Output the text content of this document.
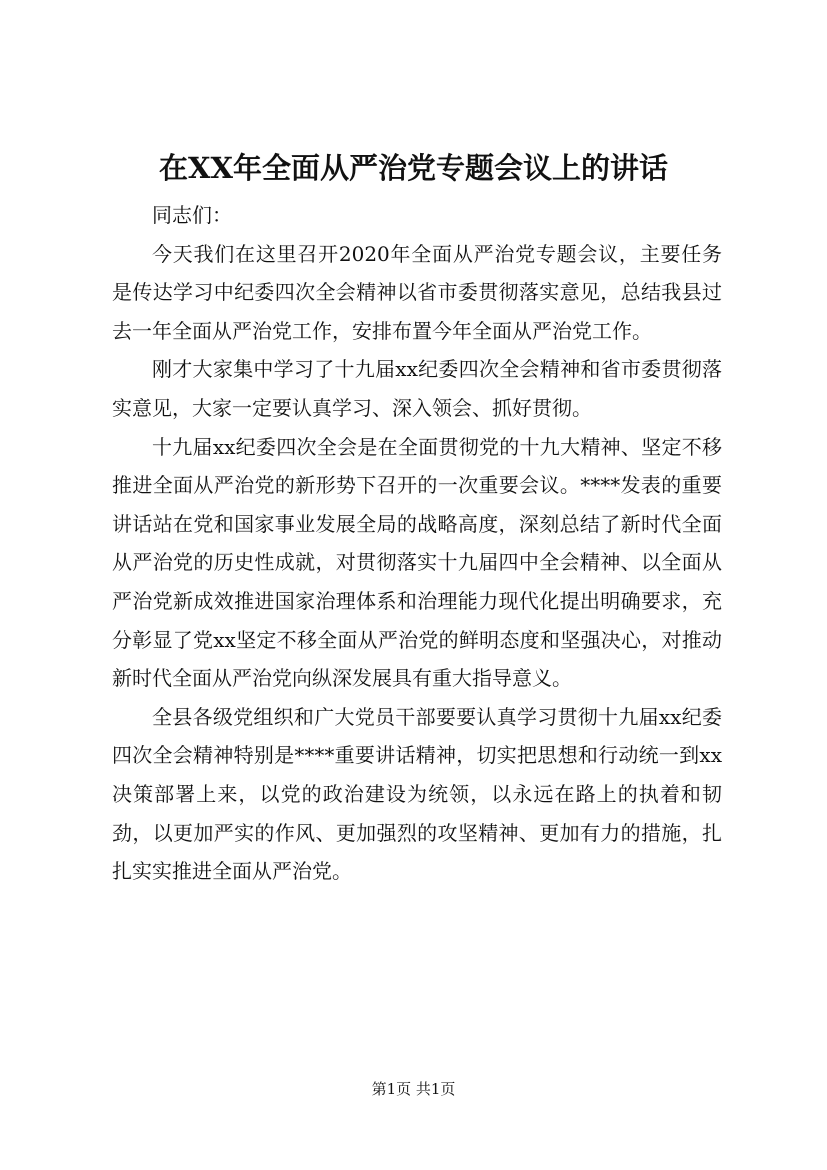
在XX年全面从严治党专题会议上的讲话

同志们：

今天我们在这里召开2020年全面从严治党专题会议，主要任务是传达学习中纪委四次全会精神以省市委贯彻落实意见，总结我县过去一年全面从严治党工作，安排布置今年全面从严治党工作。

刚才大家集中学习了十九届xx纪委四次全会精神和省市委贯彻落实意见，大家一定要认真学习、深入领会、抓好贯彻。

十九届xx纪委四次全会是在全面贯彻党的十九大精神、坚定不移推进全面从严治党的新形势下召开的一次重要会议。****发表的重要讲话站在党和国家事业发展全局的战略高度，深刻总结了新时代全面从严治党的历史性成就，对贯彻落实十九届四中全会精神、以全面从严治党新成效推进国家治理体系和治理能力现代化提出明确要求，充分彰显了党xx坚定不移全面从严治党的鲜明态度和坚强决心，对推动新时代全面从严治党向纵深发展具有重大指导意义。

全县各级党组织和广大党员干部要要认真学习贯彻十九届xx纪委四次全会精神特别是****重要讲话精神，切实把思想和行动统一到xx决策部署上来，以党的政治建设为统领，以永远在路上的执着和韧劲，以更加严实的作风、更加强烈的攻坚精神、更加有力的措施，扎扎实实推进全面从严治党。

第1页 共1页
